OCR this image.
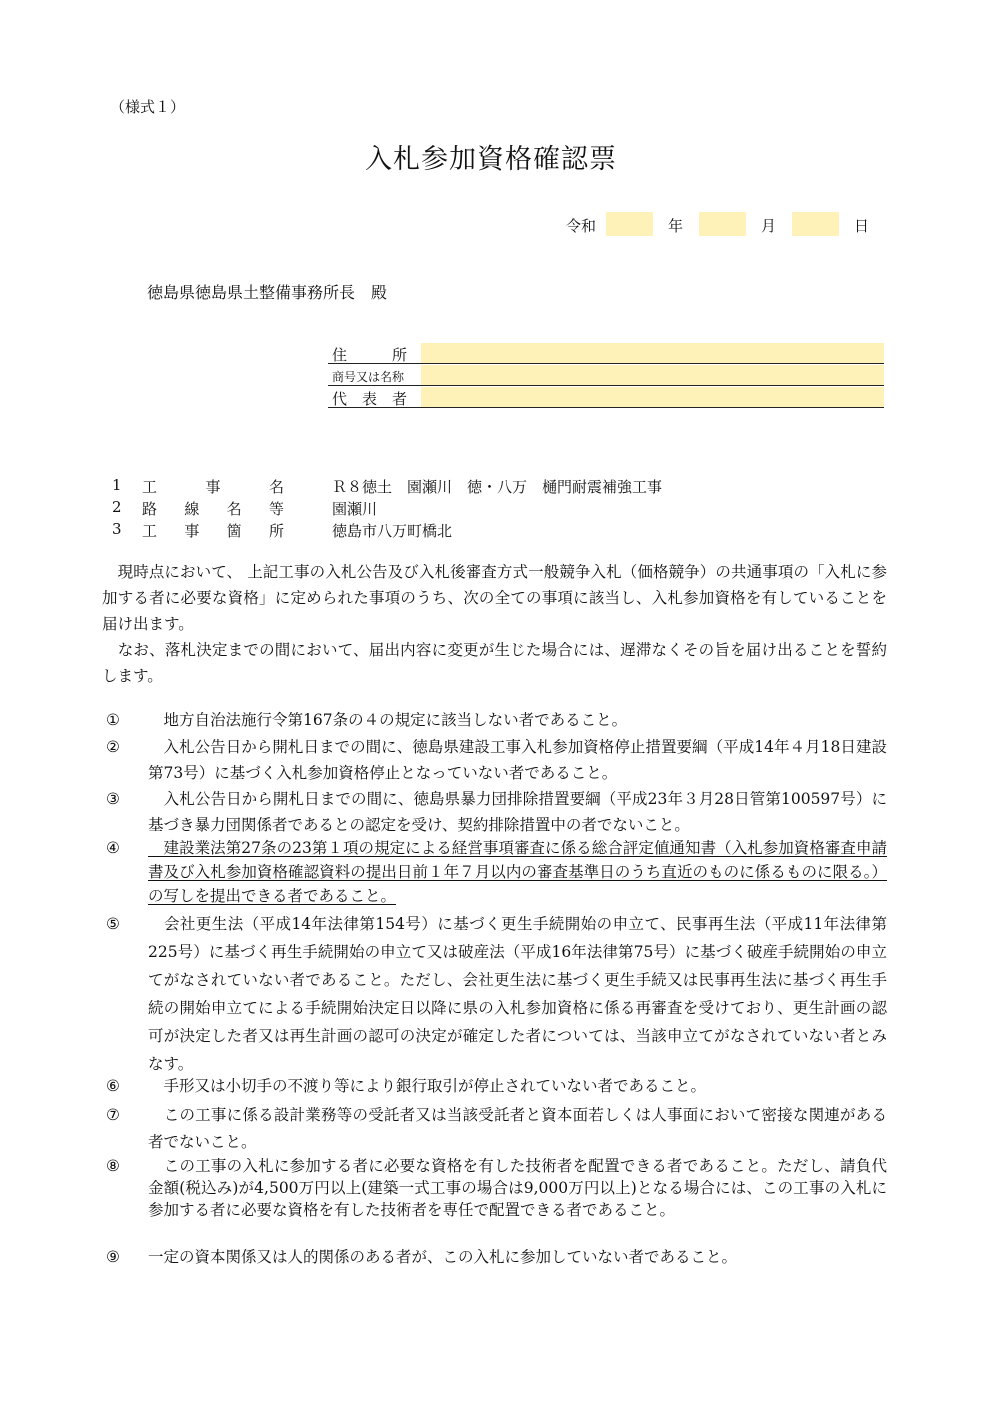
（様式１）
入札参加資格確認票
令和	年	月	日
徳島県徳島県土整備事務所長　殿
住　　　所
商号又は名称
代　表　者
1 工	事	名	Ｒ８徳土　園瀬川　徳・八万　樋門耐震補強工事
2 路 線 名 等	園瀬川
3 工 事 箇 所	徳島市八万町橋北
　現時点において、 上記工事の入札公告及び入札後審査方式一般競争入札（価格競争）の共通事項の「入札に参加する者に必要な資格」に定められた事項のうち、次の全ての事項に該当し、入札参加資格を有していることを届け出ます。
　なお、落札決定までの間において、届出内容に変更が生じた場合には、遅滞なくその旨を届け出ることを誓約します。
① 　地方自治法施行令第167条の４の規定に該当しない者であること。
② 　入札公告日から開札日までの間に、徳島県建設工事入札参加資格停止措置要綱（平成14年４月18日建設第73号）に基づく入札参加資格停止となっていない者であること。
③ 　入札公告日から開札日までの間に、徳島県暴力団排除措置要綱（平成23年３月28日管第100597号）に基づき暴力団関係者であるとの認定を受け、契約排除措置中の者でないこと。
④ 　建設業法第27条の23第１項の規定による経営事項審査に係る総合評定値通知書（入札参加資格審査申請書及び入札参加資格確認資料の提出日前１年７月以内の審査基準日のうち直近のものに係るものに限る。）の写しを提出できる者であること。
⑤ 　会社更生法（平成14年法律第154号）に基づく更生手続開始の申立て、民事再生法（平成11年法律第225号）に基づく再生手続開始の申立て又は破産法（平成16年法律第75号）に基づく破産手続開始の申立てがなされていない者であること。ただし、会社更生法に基づく更生手続又は民事再生法に基づく再生手続の開始申立てによる手続開始決定日以降に県の入札参加資格に係る再審査を受けており、更生計画の認可が決定した者又は再生計画の認可の決定が確定した者については、当該申立てがなされていない者とみなす。
⑥ 　手形又は小切手の不渡り等により銀行取引が停止されていない者であること。
⑦ 　この工事に係る設計業務等の受託者又は当該受託者と資本面若しくは人事面において密接な関連がある者でないこと。
⑧ 　この工事の入札に参加する者に必要な資格を有した技術者を配置できる者であること。ただし、請負代金額(税込み)が4,500万円以上(建築一式工事の場合は9,000万円以上)となる場合には、この工事の入札に参加する者に必要な資格を有した技術者を専任で配置できる者であること。
⑨ 一定の資本関係又は人的関係のある者が、この入札に参加していない者であること。
